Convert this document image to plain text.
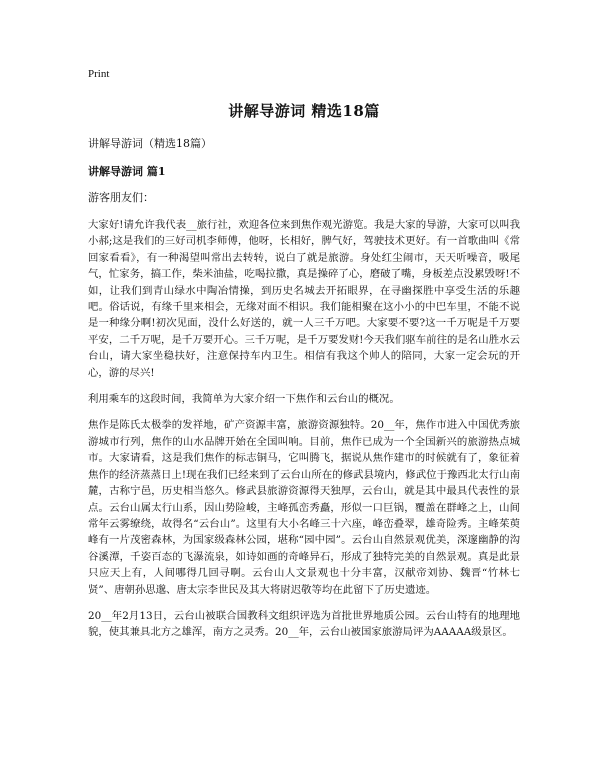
Print
讲解导游词 精选18篇

讲解导游词（精选18篇）

讲解导游词 篇1

游客朋友们：

大家好!请允许我代表__旅行社，欢迎各位来到焦作观光游览。我是大家的导游，大家可以叫我小郝;这是我们的三好司机李师傅，他呀，长相好，脾气好，驾驶技术更好。有一首歌曲叫《常回家看看》，有一种渴望叫常出去转转，说白了就是旅游。身处红尘闹市，天天听噪音，吸尾气，忙家务，搞工作，柴米油盐，吃喝拉撒，真是操碎了心，磨破了嘴，身板差点没累毁呀!不如，让我们到青山绿水中陶冶情操，到历史名城去开拓眼界，在寻幽探胜中享受生活的乐趣吧。俗话说，有缘千里来相会，无缘对面不相识。我们能相聚在这小小的中巴车里，不能不说是一种缘分啊!初次见面，没什么好送的，就一人三千万吧。大家要不要?这一千万呢是千万要平安，二千万呢，是千万要开心。三千万呢，是千万要发财!今天我们驱车前往的是名山胜水云台山，请大家坐稳扶好，注意保持车内卫生。相信有我这个帅人的陪同，大家一定会玩的开心，游的尽兴!

利用乘车的这段时间，我简单为大家介绍一下焦作和云台山的概况。

焦作是陈氏太极拳的发祥地，矿产资源丰富，旅游资源独特。20__年，焦作市进入中国优秀旅游城市行列，焦作的山水品牌开始在全国叫响。目前，焦作已成为一个全国新兴的旅游热点城市。大家请看，这是我们焦作的标志铜马，它叫腾飞，据说从焦作建市的时候就有了，象征着焦作的经济蒸蒸日上!现在我们已经来到了云台山所在的修武县境内，修武位于豫西北太行山南麓，古称宁邑，历史相当悠久。修武县旅游资源得天独厚，云台山，就是其中最具代表性的景点。云台山属太行山系，因山势险峻，主峰孤峦秀矗，形似一口巨锅，覆盖在群峰之上，山间常年云雾缭绕，故得名“云台山”。这里有大小名峰三十六座，峰峦叠翠，雄奇险秀。主峰茱萸峰有一片茂密森林，为国家级森林公园，堪称“园中园”。云台山自然景观优美，深邃幽静的沟谷溪潭，千姿百态的飞瀑流泉，如诗如画的奇峰异石，形成了独特完美的自然景观。真是此景只应天上有，人间哪得几回寻啊。云台山人文景观也十分丰富，汉献帝刘协、魏晋“竹林七贤”、唐朝孙思邈、唐太宗李世民及其大将尉迟敬等均在此留下了历史遗迹。

20__年2月13日，云台山被联合国教科文组织评选为首批世界地质公园。云台山特有的地理地貌，使其兼具北方之雄浑，南方之灵秀。20__年，云台山被国家旅游局评为AAAAA级景区。
